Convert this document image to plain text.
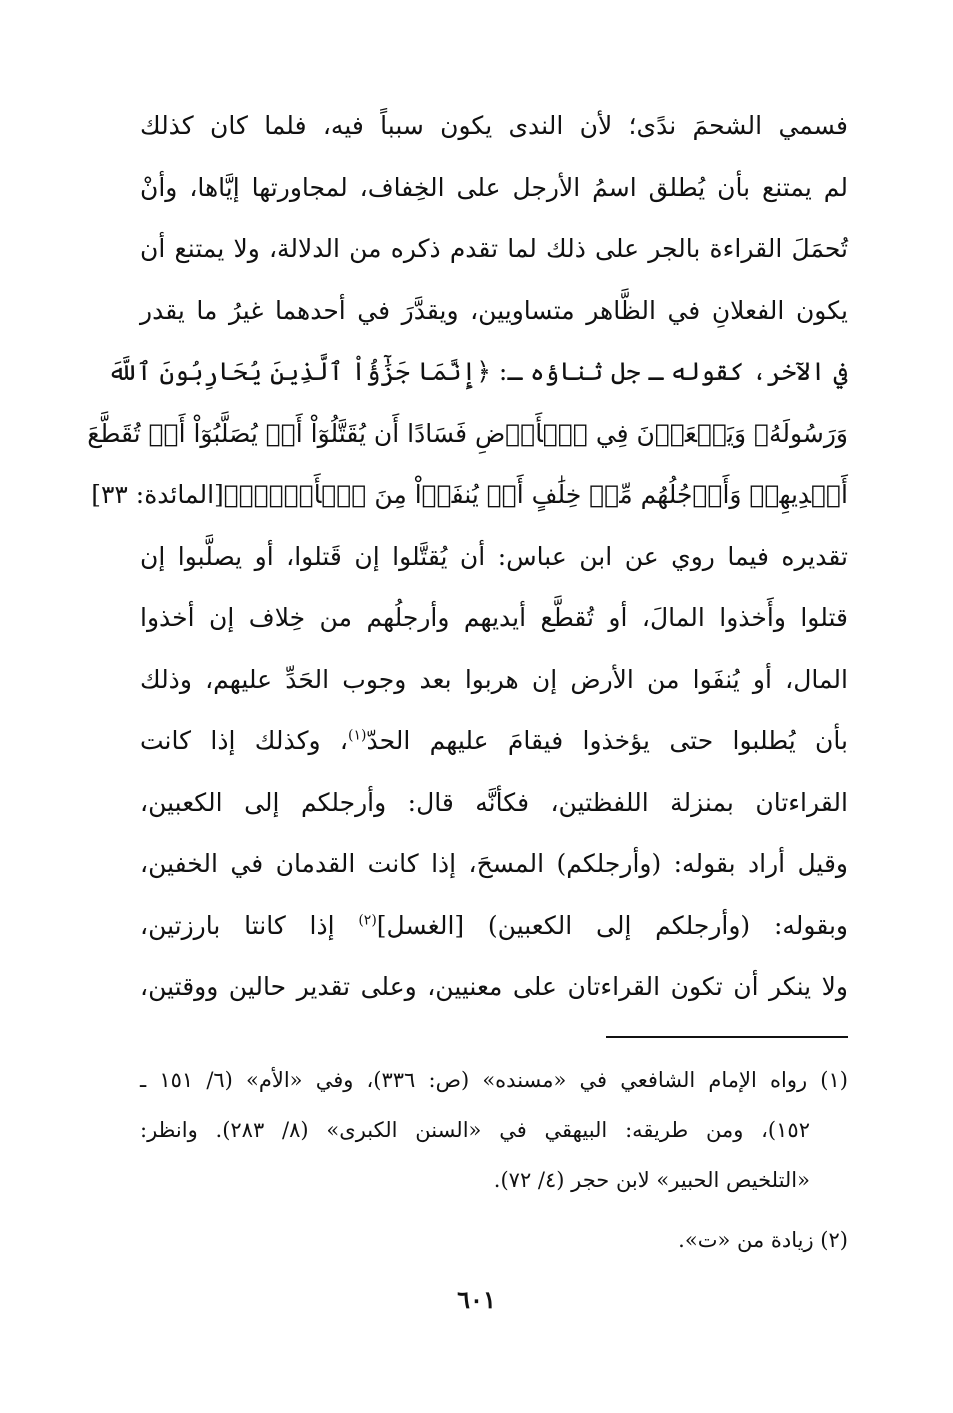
فسمي الشحمَ ندًى؛ لأن الندى يكون سبباً فيه، فلما كان كذلك
لم يمتنع بأن يُطلق اسمُ الأرجل على الخِفاف، لمجاورتها إيَّاها، وأنْ
تُحمَلَ القراءة بالجر على ذلك لما تقدم ذكره من الدلالة، ولا يمتنع أن
يكون الفعلانِ في الظَّاهر متساويين، ويقدَّرَ في أحدهما غيرُ ما يقدر
في الآخر، كقوله ـ جل ثناؤه ـ: ﴿إِنَّمَا جَزَٰٓؤُاْ ٱلَّذِينَ يُحَارِبُونَ ٱللَّهَ
وَرَسُولَهُۥ وَيَسۡعَوۡنَ فِي ٱلۡأَرۡضِ فَسَادًا أَن يُقَتَّلُوٓاْ أَوۡ يُصَلَّبُوٓاْ أَوۡ تُقَطَّعَ
أَيۡدِيهِمۡ وَأَرۡجُلُهُم مِّنۡ خِلَٰفٍ أَوۡ يُنفَوۡاْ مِنَ ٱلۡأَرۡضِۚ﴾[المائدة: ٣٣]
تقديره فيما روي عن ابن عباس: أن يُقتَّلوا إن قَتلوا، أو يصلَّبوا إن
قتلوا وأَخذوا المالَ، أو تُقطَّع أيديهم وأرجلُهم من خِلاف إن أخذوا
المال، أو يُنفَوا من الأرض إن هربوا بعد وجوب الحَدِّ عليهم، وذلك
بأن يُطلبوا حتى يؤخذوا فيقامَ عليهم الحدّ$^{(١)}$، وكذلك إذا كانت
القراءتان بمنزلة اللفظتين، فكأنَّه قال: وأرجلكم إلى الكعبين،
وقيل أراد بقوله: (وأرجلكم) المسحَ، إذا كانت القدمان في الخفين،
وبقوله: (وأرجلكم إلى الكعبين) [الغسل]$^{(٢)}$ إذا كانتا بارزتين،
ولا ينكر أن تكون القراءتان على معنيين، وعلى تقدير حالين ووقتين،
(١) رواه الإمام الشافعي في «مسنده» (ص: ٣٣٦)، وفي «الأم» (٦/ ١٥١ ـ
١٥٢)، ومن طريقه: البيهقي في «السنن الكبرى» (٨/ ٢٨٣). وانظر:
«التلخيص الحبير» لابن حجر (٤/ ٧٢).
(٢) زيادة من «ت».
٦٠١
